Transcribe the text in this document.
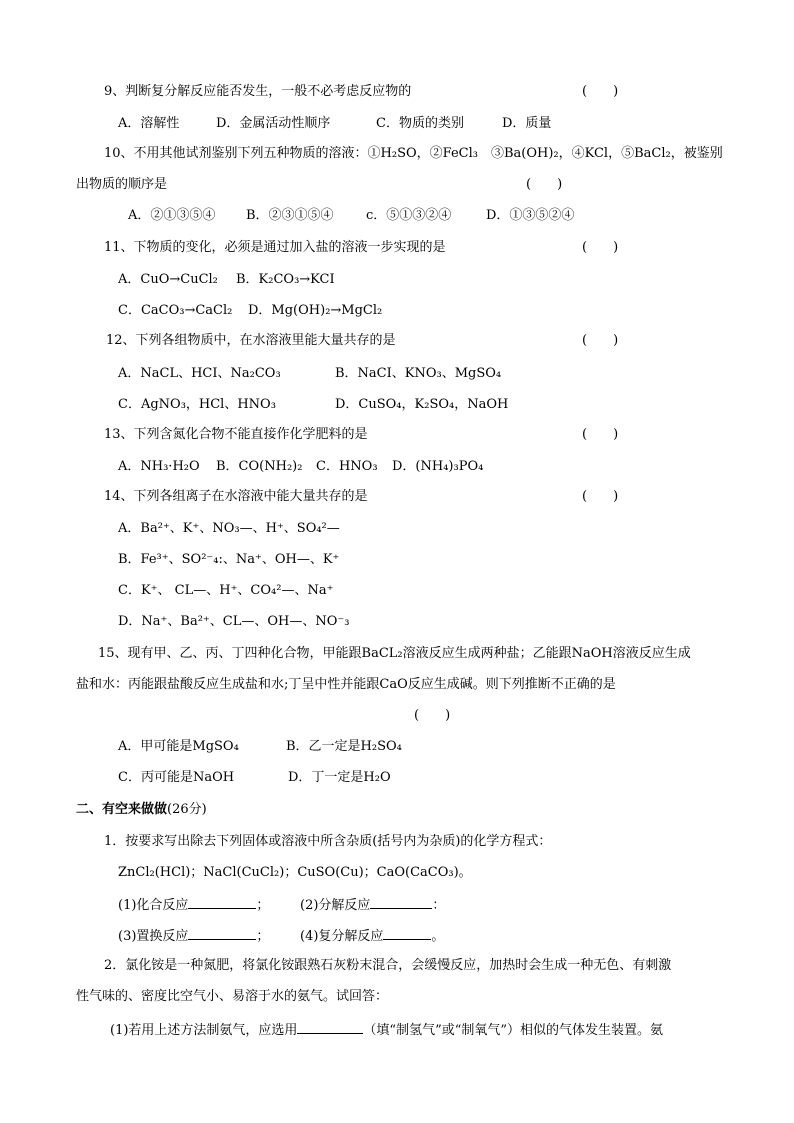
9、判断复分解反应能否发生，一般不必考虑反应物的	(　　)
A．溶解性	D．金属活动性顺序	C．物质的类别	D．质量
10、不用其他试剂鉴别下列五种物质的溶液：①H₂SO，②FeCl₃　③Ba(OH)₂，④KCl，⑤BaCl₂，被鉴别
出物质的顺序是	(　　)
A．②①③⑤④ B．②③①⑤④ c．⑤①③②④	D．①③⑤②④
11、下物质的变化，必须是通过加入盐的溶液一步实现的是	(　　)
A．CuO→CuCl₂ B．K₂CO₃→KCI
C．CaCO₃→CaCl₂ D．Mg(OH)₂→MgCl₂
12、下列各组物质中，在水溶液里能大量共存的是	(　　)
A．NaCL、HCI、Na₂CO₃	B．NaCI、KNO₃、MgSO₄
C．AgNO₃，HCl、HNO₃	D．CuSO₄，K₂SO₄，NaOH
13、下列含氮化合物不能直接作化学肥料的是	(　　)
A．NH₃·H₂O B．CO(NH₂)₂ C．HNO₃ D．(NH₄)₃PO₄
14、下列各组离子在水溶液中能大量共存的是	(　　)
A．Ba²⁺、K⁺、NO₃—、H⁺、SO₄²—
B．Fe³⁺、SO²⁻₄:、Na⁺、OH—、K⁺
C．K⁺、 CL—、H⁺、CO₄²—、Na⁺
D．Na⁺、Ba²⁺、CL—、OH—、NO⁻₃
15、现有甲、乙、丙、丁四种化合物，甲能跟BaCL₂溶液反应生成两种盐；乙能跟NaOH溶液反应生成
盐和水：丙能跟盐酸反应生成盐和水;丁呈中性并能跟CaO反应生成碱。则下列推断不正确的是
(　　)
A．甲可能是MgSO₄	B．乙一定是H₂SO₄
C．丙可能是NaOH	D．丁一定是H₂O
二、有空来做做(26分)
1．按要求写出除去下列固体或溶液中所含杂质(括号内为杂质)的化学方程式：
ZnCl₂(HCl)；NaCl(CuCl₂)；CuSO(Cu)；CaO(CaCO₃)。
(1)化合反应	； (2)分解反应	：
(3)置换反应	； (4)复分解反应	。
2．氯化铵是一种氮肥，将氯化铵跟熟石灰粉末混合，会缓慢反应，加热时会生成一种无色、有刺激
性气味的、密度比空气小、易溶于水的氨气。试回答：
(1)若用上述方法制氨气，应选用	（填“制氢气”或“制氧气”）相似的气体发生装置。氨
